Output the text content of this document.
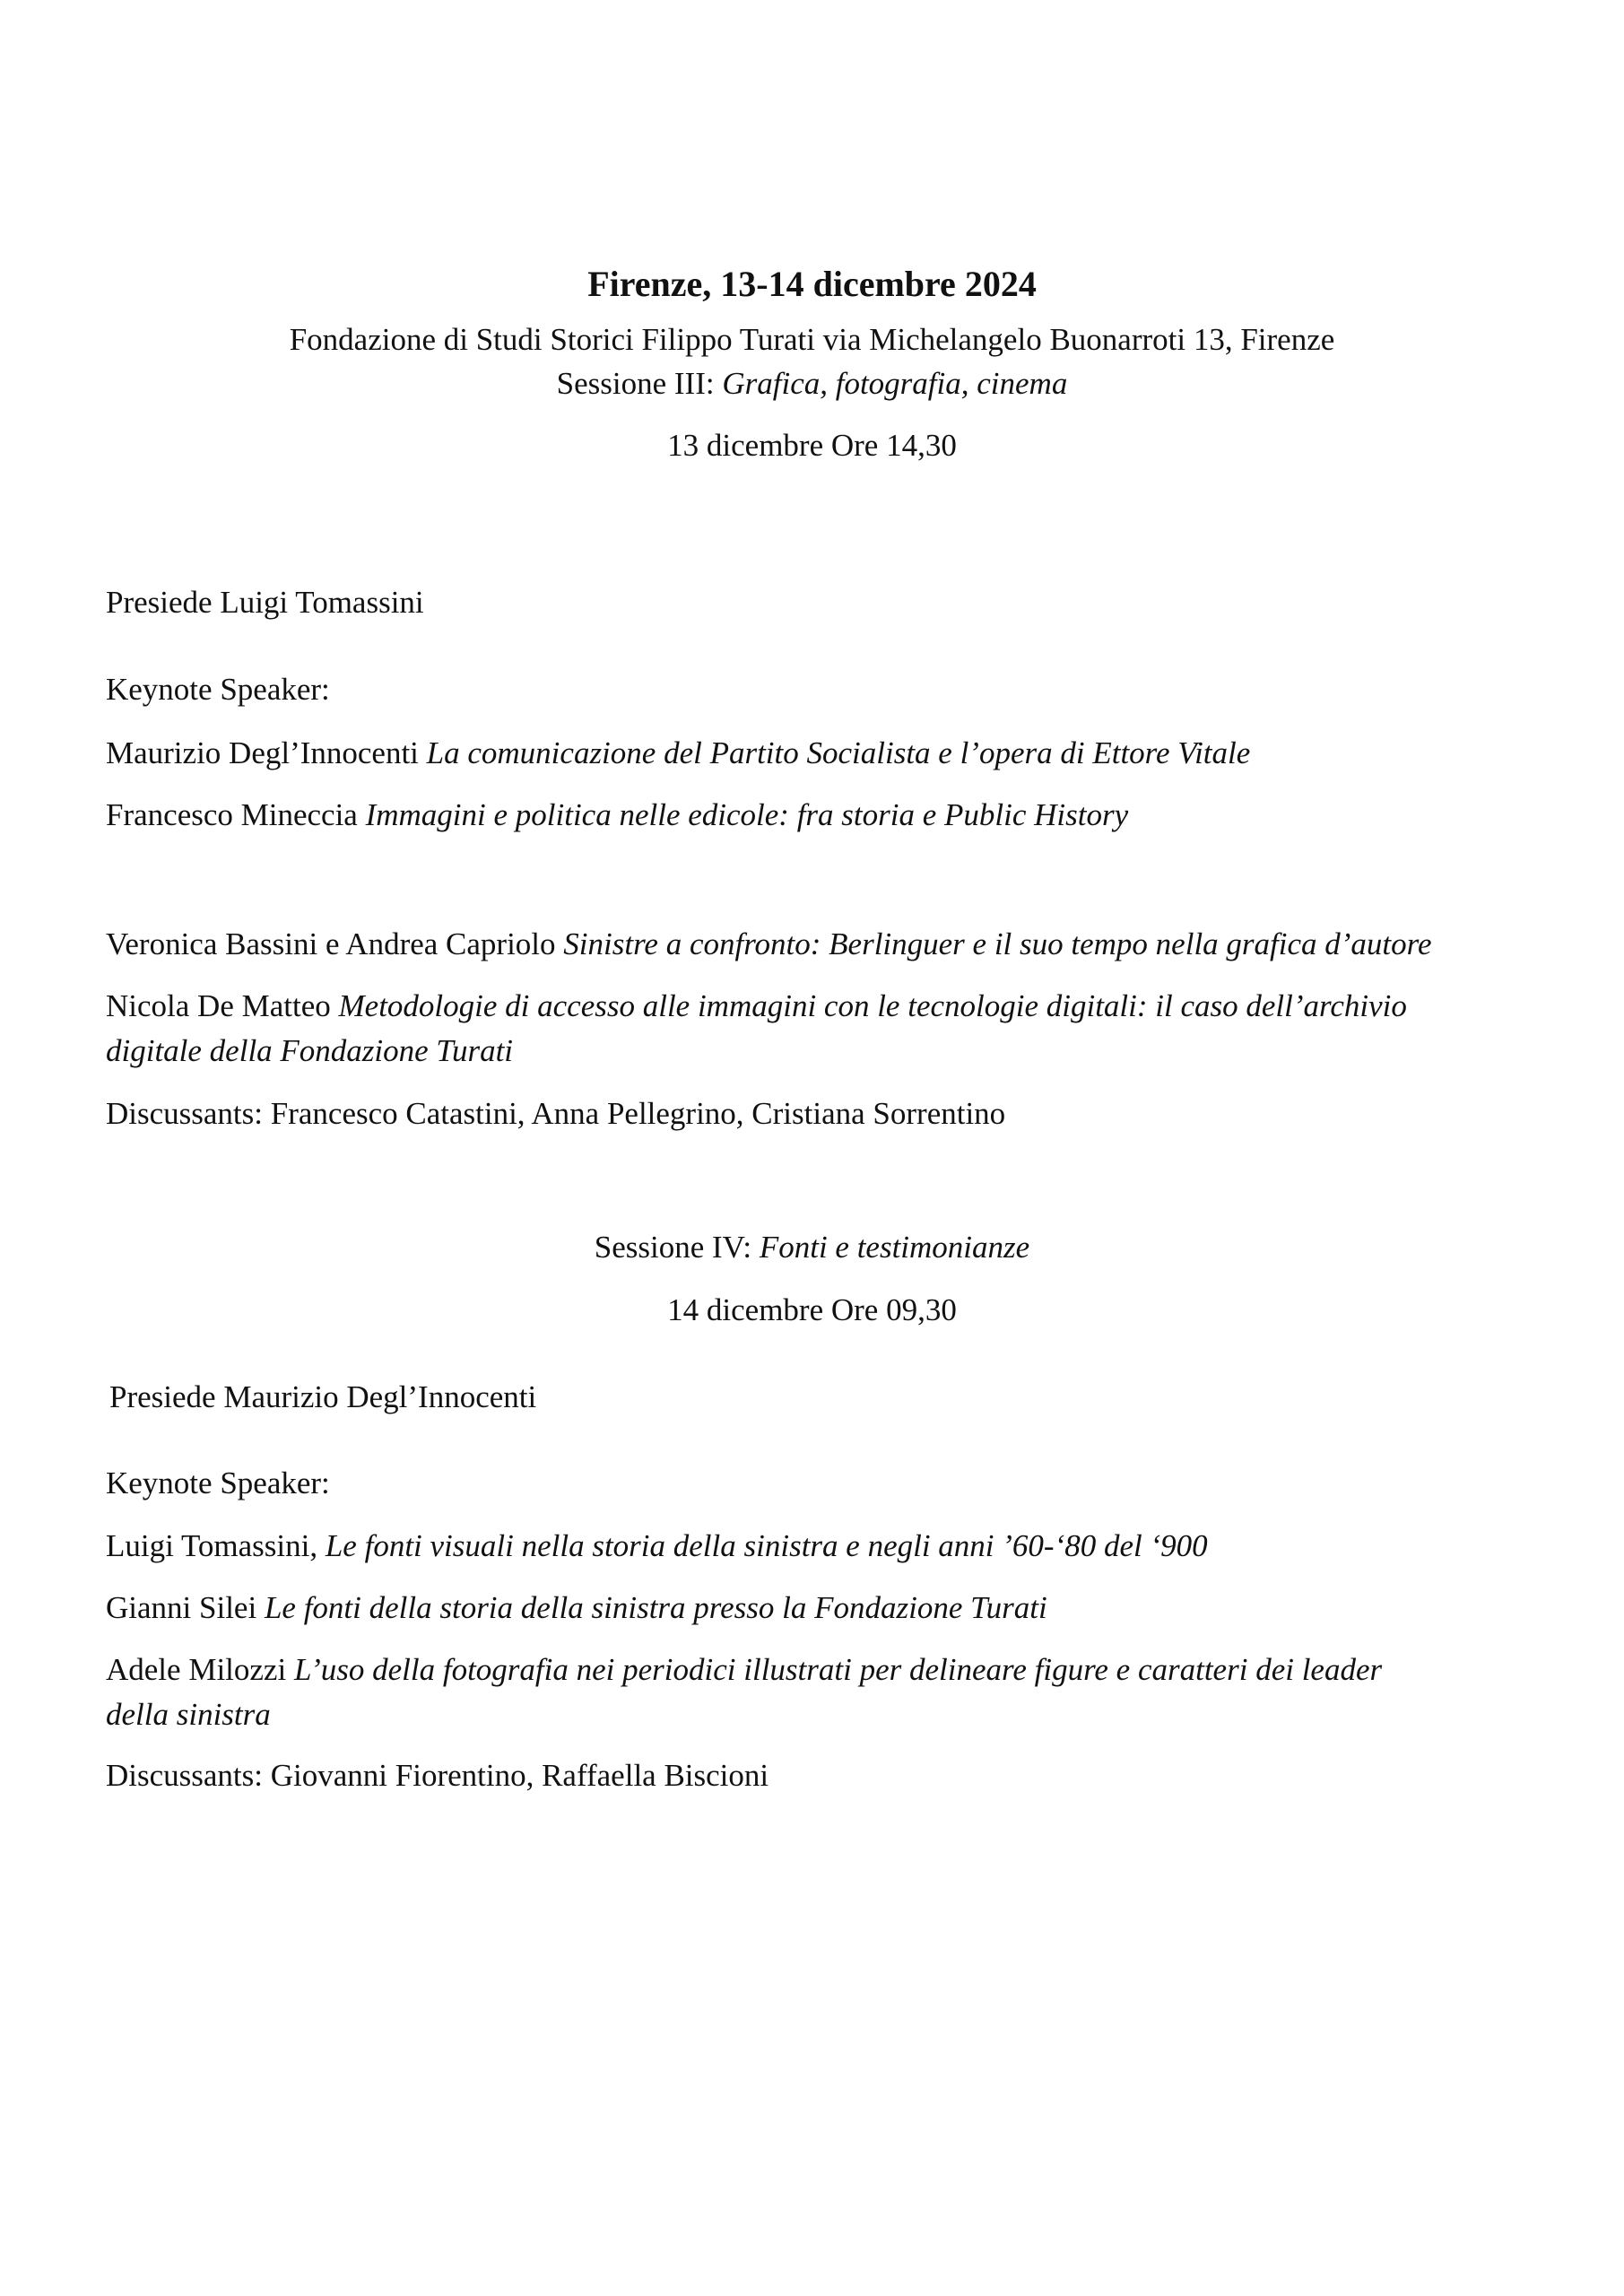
Firenze, 13-14 dicembre 2024
Fondazione di Studi Storici Filippo Turati via Michelangelo Buonarroti 13, Firenze
Sessione III: Grafica, fotografia, cinema
13 dicembre Ore 14,30
Presiede Luigi Tomassini
Keynote Speaker:
Maurizio Degl’Innocenti La comunicazione del Partito Socialista e l’opera di Ettore Vitale
Francesco Mineccia Immagini e politica nelle edicole: fra storia e Public History
Veronica Bassini e Andrea Capriolo Sinistre a confronto: Berlinguer e il suo tempo nella grafica d’autore
Nicola De Matteo Metodologie di accesso alle immagini con le tecnologie digitali: il caso dell’archivio
digitale della Fondazione Turati
Discussants: Francesco Catastini, Anna Pellegrino, Cristiana Sorrentino
Sessione IV: Fonti e testimonianze
14 dicembre Ore 09,30
Presiede Maurizio Degl’Innocenti
Keynote Speaker:
Luigi Tomassini, Le fonti visuali nella storia della sinistra e negli anni ’60-‘80 del ‘900
Gianni Silei Le fonti della storia della sinistra presso la Fondazione Turati
Adele Milozzi L’uso della fotografia nei periodici illustrati per delineare figure e caratteri dei leader
della sinistra
Discussants: Giovanni Fiorentino, Raffaella Biscioni
